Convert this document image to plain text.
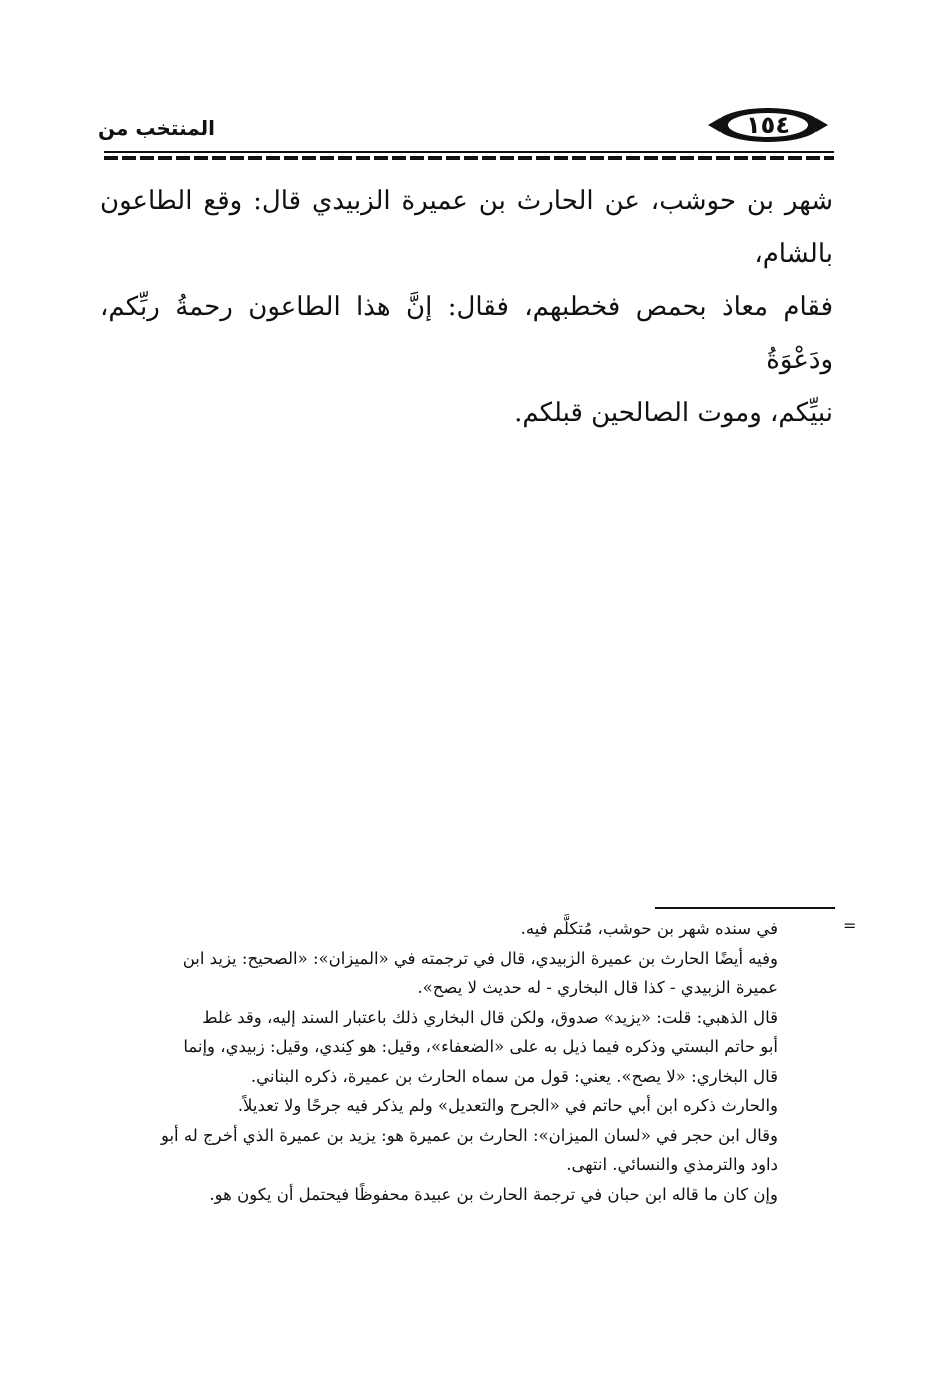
المنتخب من	١٥٤

شهر بن حوشب، عن الحارث بن عميرة الزبيدي قال: وقع الطاعون بالشام،

فقام معاذ بحمص فخطبهم، فقال: إنَّ هذا الطاعون رحمةُ ربِّكم، ودَعْوَةُ

نبيِّكم، وموت الصالحين قبلكم.

=

في سنده شهر بن حوشب، مُتكلَّم فيه.

وفيه أيضًا الحارث بن عميرة الزبيدي، قال في ترجمته في «الميزان»: «الصحيح: يزيد ابن

عميرة الزبيدي - كذا قال البخاري - له حديث لا يصح».

قال الذهبي: قلت: «يزيد» صدوق، ولكن قال البخاري ذلك باعتبار السند إليه، وقد غلط

أبو حاتم البستي وذكره فيما ذيل به على «الضعفاء»، وقيل: هو كِندي، وقيل: زبيدي، وإنما

قال البخاري: «لا يصح». يعني: قول من سماه الحارث بن عميرة، ذكره البناني.

والحارث ذكره ابن أبي حاتم في «الجرح والتعديل» ولم يذكر فيه جرحًا ولا تعديلاً.

وقال ابن حجر في «لسان الميزان»: الحارث بن عميرة هو: يزيد بن عميرة الذي أخرج له أبو

داود والترمذي والنسائي. انتهى.

وإن كان ما قاله ابن حبان في ترجمة الحارث بن عبيدة محفوظًا فيحتمل أن يكون هو.
